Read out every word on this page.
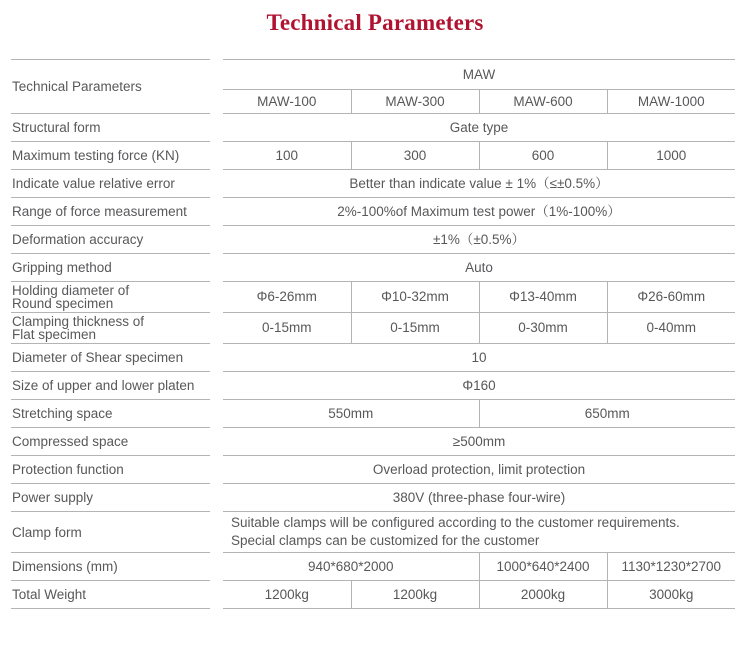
Technical Parameters
Technical Parameters		MAW			
		MAW-100	MAW-300	MAW-600	MAW-1000

Structural form		Gate type			

Maximum testing force (KN)		100	300	600	1000

Indicate value relative error		Better than indicate value ± 1%（≤±0.5%）			

Range of force measurement		2%-100%of Maximum test power（1%-100%）			

Deformation accuracy		±1%（±0.5%）			

Gripping method		Auto			

Holding diameter of
Round specimen		Φ6-26mm	Φ10-32mm	Φ13-40mm	Φ26-60mm

Clamping thickness of
Flat specimen		0-15mm	0-15mm	0-30mm	0-40mm

Diameter of Shear specimen		10			

Size of upper and lower platen		Φ160			

Stretching space		550mm		650mm	

Compressed space		≥500mm			

Protection function		Overload protection, limit protection			

Power supply		380V (three-phase four-wire)			

Clamp form		Suitable clamps will be configured according to the customer requirements.
Special clamps can be customized for the customer			

Dimensions (mm)		940*680*2000		1000*640*2400	1130*1230*2700

Total Weight		1200kg	1200kg	2000kg	3000kg
